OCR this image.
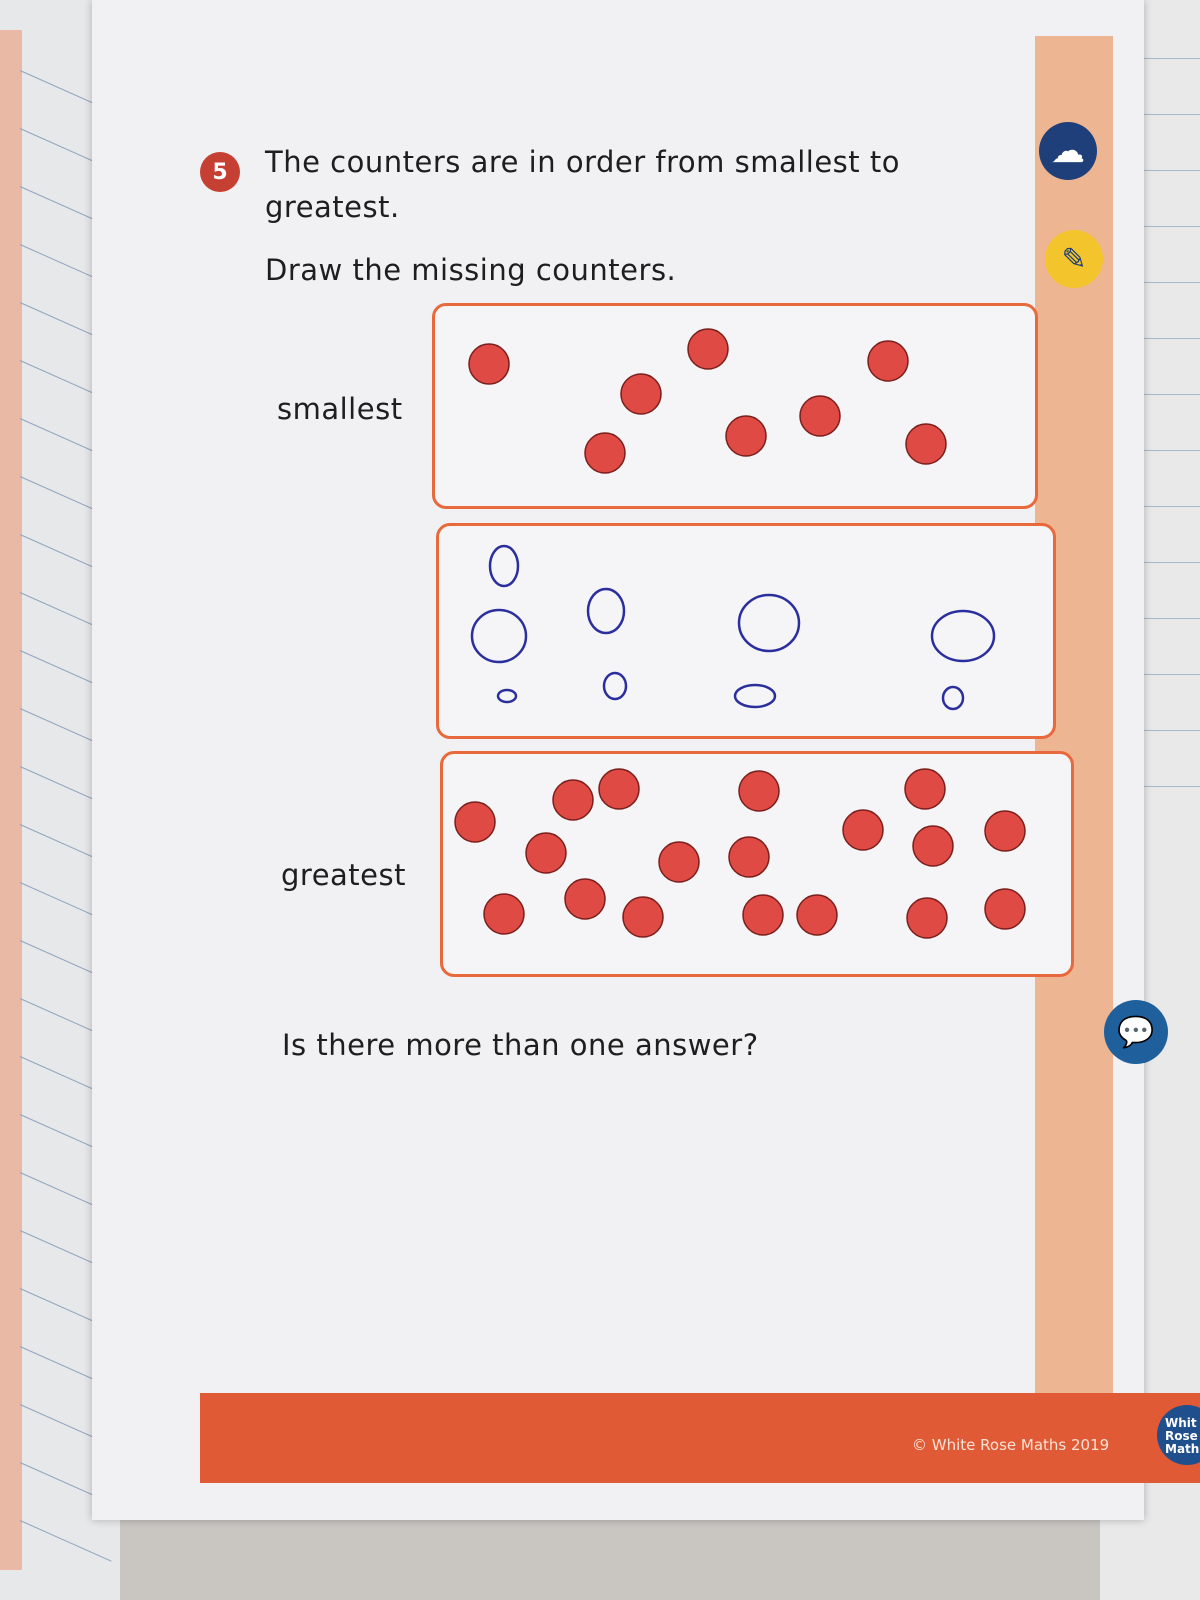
☁
✎
💬
5	The counters are in order from smallest to
greatest.
Draw the missing counters.
smallest
greatest
Is there more than one answer?
© White Rose Maths 2019
Whit
Rose
Math
